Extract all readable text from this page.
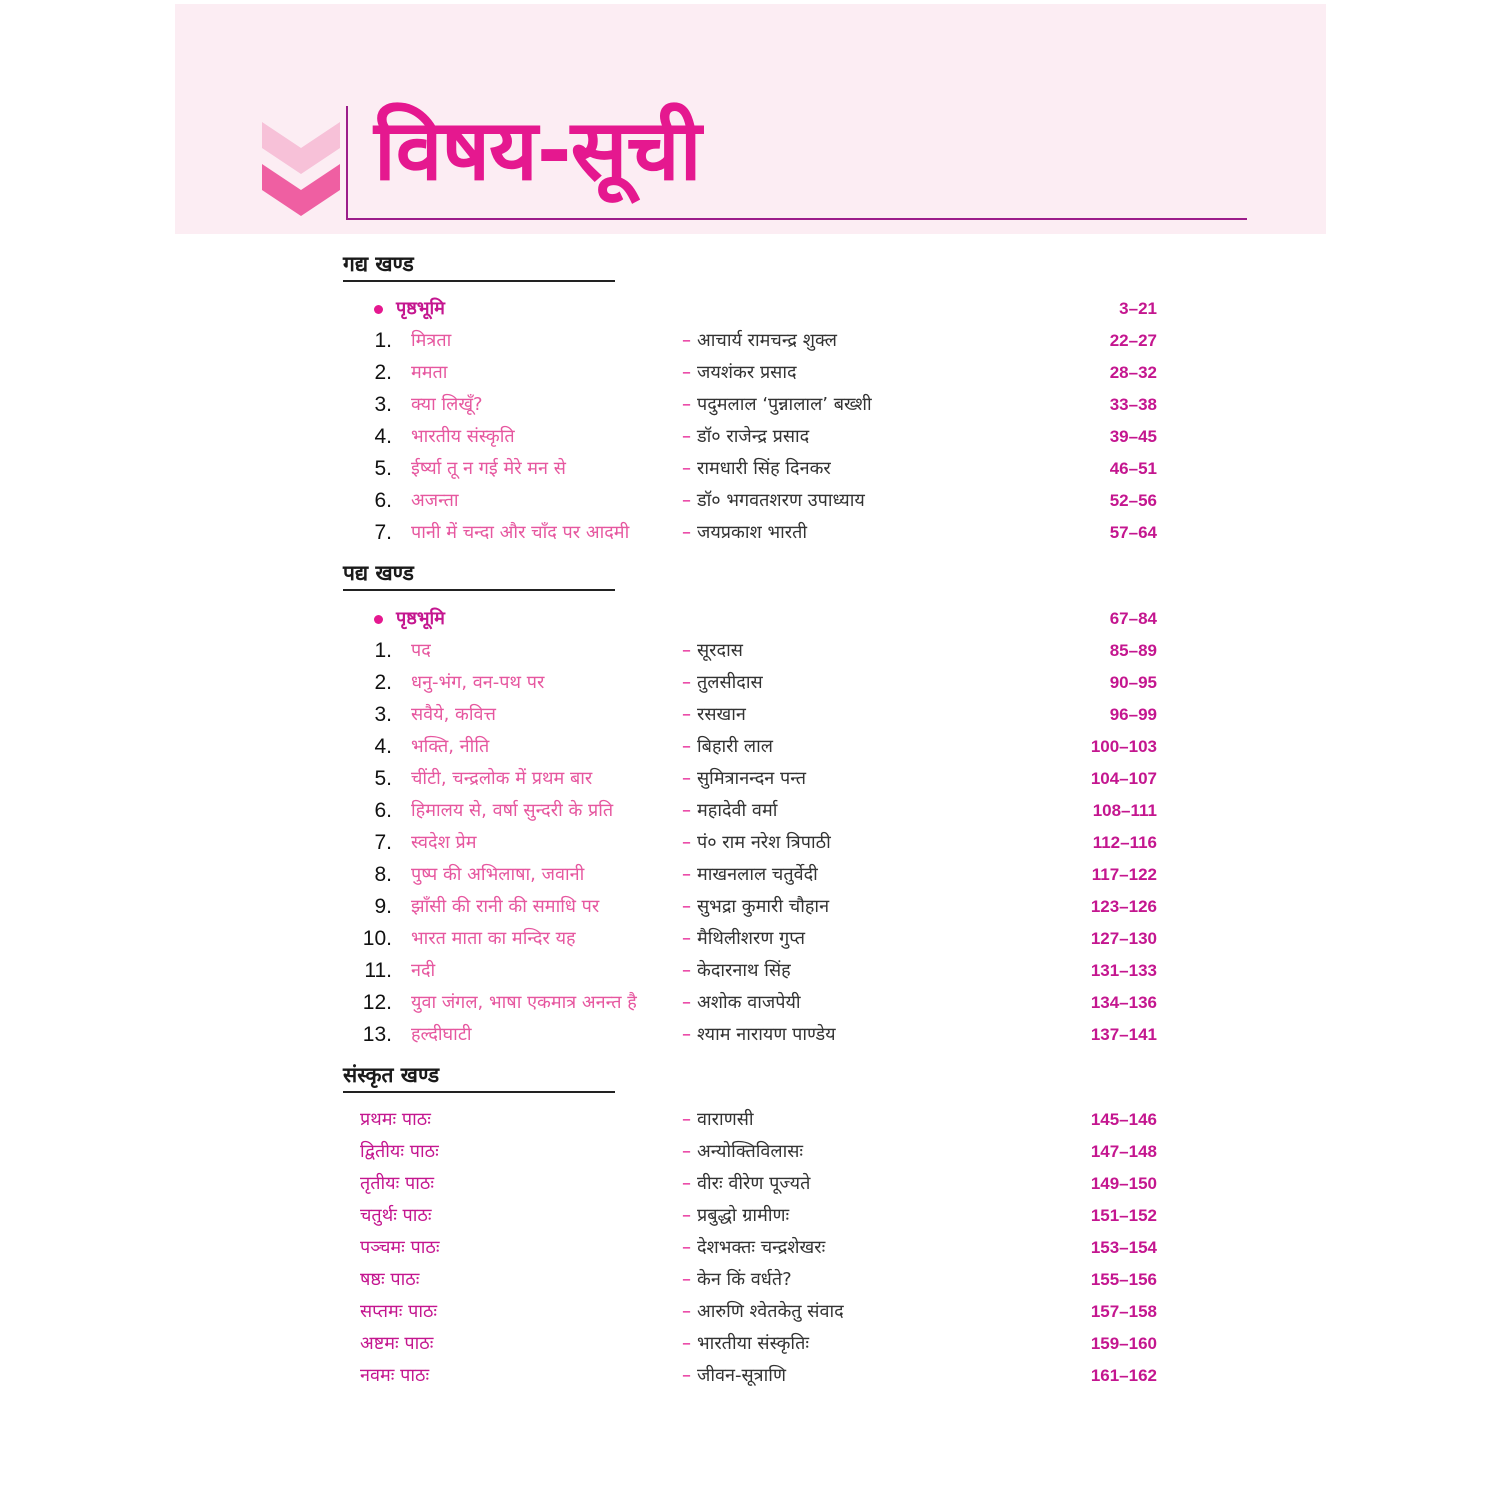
विषय-सूची
गद्य खण्ड
पृष्ठभूमि	3–21
1. मित्रता	– आचार्य रामचन्द्र शुक्ल	22–27
2. ममता	– जयशंकर प्रसाद	28–32
3. क्या लिखूँ?	– पदुमलाल ‘पुन्नालाल’ बख्शी	33–38
4. भारतीय संस्कृति	– डॉ० राजेन्द्र प्रसाद	39–45
5. ईर्ष्या तू न गई मेरे मन से	– रामधारी सिंह दिनकर	46–51
6. अजन्ता	– डॉ० भगवतशरण उपाध्याय	52–56
7. पानी में चन्दा और चाँद पर आदमी	– जयप्रकाश भारती	57–64
पद्य खण्ड
पृष्ठभूमि	67–84
1. पद	– सूरदास	85–89
2. धनु-भंग, वन-पथ पर	– तुलसीदास	90–95
3. सवैये, कवित्त	– रसखान	96–99
4. भक्ति, नीति	– बिहारी लाल	100–103
5. चींटी, चन्द्रलोक में प्रथम बार	– सुमित्रानन्दन पन्त	104–107
6. हिमालय से, वर्षा सुन्दरी के प्रति	– महादेवी वर्मा	108–111
7. स्वदेश प्रेम	– पं० राम नरेश त्रिपाठी	112–116
8. पुष्प की अभिलाषा, जवानी	– माखनलाल चतुर्वेदी	117–122
9. झाँसी की रानी की समाधि पर	– सुभद्रा कुमारी चौहान	123–126
10. भारत माता का मन्दिर यह	– मैथिलीशरण गुप्त	127–130
11. नदी	– केदारनाथ सिंह	131–133
12. युवा जंगल, भाषा एकमात्र अनन्त है	– अशोक वाजपेयी	134–136
13. हल्दीघाटी	– श्याम नारायण पाण्डेय	137–141
संस्कृत खण्ड
प्रथमः पाठः	– वाराणसी	145–146
द्वितीयः पाठः	– अन्योक्तिविलासः	147–148
तृतीयः पाठः	– वीरः वीरेण पूज्यते	149–150
चतुर्थः पाठः	– प्रबुद्धो ग्रामीणः	151–152
पञ्चमः पाठः	– देशभक्तः चन्द्रशेखरः	153–154
षष्ठः पाठः	– केन किं वर्धते?	155–156
सप्तमः पाठः	– आरुणि श्वेतकेतु संवाद	157–158
अष्टमः पाठः	– भारतीया संस्कृतिः	159–160
नवमः पाठः	– जीवन-सूत्राणि	161–162
